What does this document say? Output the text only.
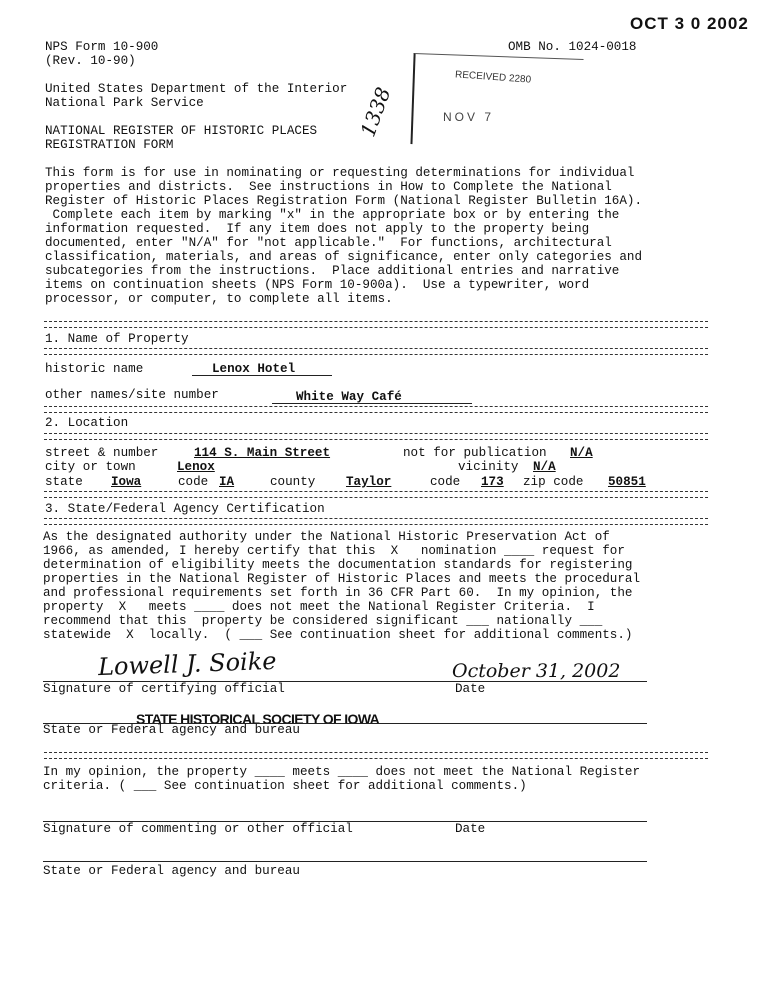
OCT 3 0 2002
RECEIVED 2280
NOV 7
1338
NPS Form 10-900
(Rev. 10-90)
OMB No. 1024-0018
United States Department of the Interior
National Park Service
NATIONAL REGISTER OF HISTORIC PLACES
REGISTRATION FORM
This form is for use in nominating or requesting determinations for individual
properties and districts.  See instructions in How to Complete the National
Register of Historic Places Registration Form (National Register Bulletin 16A).
Complete each item by marking "x" in the appropriate box or by entering the
information requested.  If any item does not apply to the property being
documented, enter "N/A" for "not applicable."  For functions, architectural
classification, materials, and areas of significance, enter only categories and
subcategories from the instructions.  Place additional entries and narrative
items on continuation sheets (NPS Form 10-900a).  Use a typewriter, word
processor, or computer, to complete all items.
1. Name of Property
historic name	Lenox Hotel
other names/site number	White Way Café
2. Location
street & number	114 S. Main Street	not for publication N/A
city or town	Lenox	vicinity N/A
state Iowa	code IA	county Taylor	code 173 zip code 50851
3. State/Federal Agency Certification
As the designated authority under the National Historic Preservation Act of
1966, as amended, I hereby certify that this  X   nomination ____ request for
determination of eligibility meets the documentation standards for registering
properties in the National Register of Historic Places and meets the procedural
and professional requirements set forth in 36 CFR Part 60.  In my opinion, the
property  X   meets ____ does not meet the National Register Criteria.  I
recommend that this  property be considered significant ___ nationally ___
statewide  X  locally.  ( ___ See continuation sheet for additional comments.)
Lowell J. Soike	October 31, 2002
Signature of certifying official	Date
STATE HISTORICAL SOCIETY OF IOWA
State or Federal agency and bureau
In my opinion, the property ____ meets ____ does not meet the National Register
criteria. ( ___ See continuation sheet for additional comments.)
Signature of commenting or other official	Date
State or Federal agency and bureau
